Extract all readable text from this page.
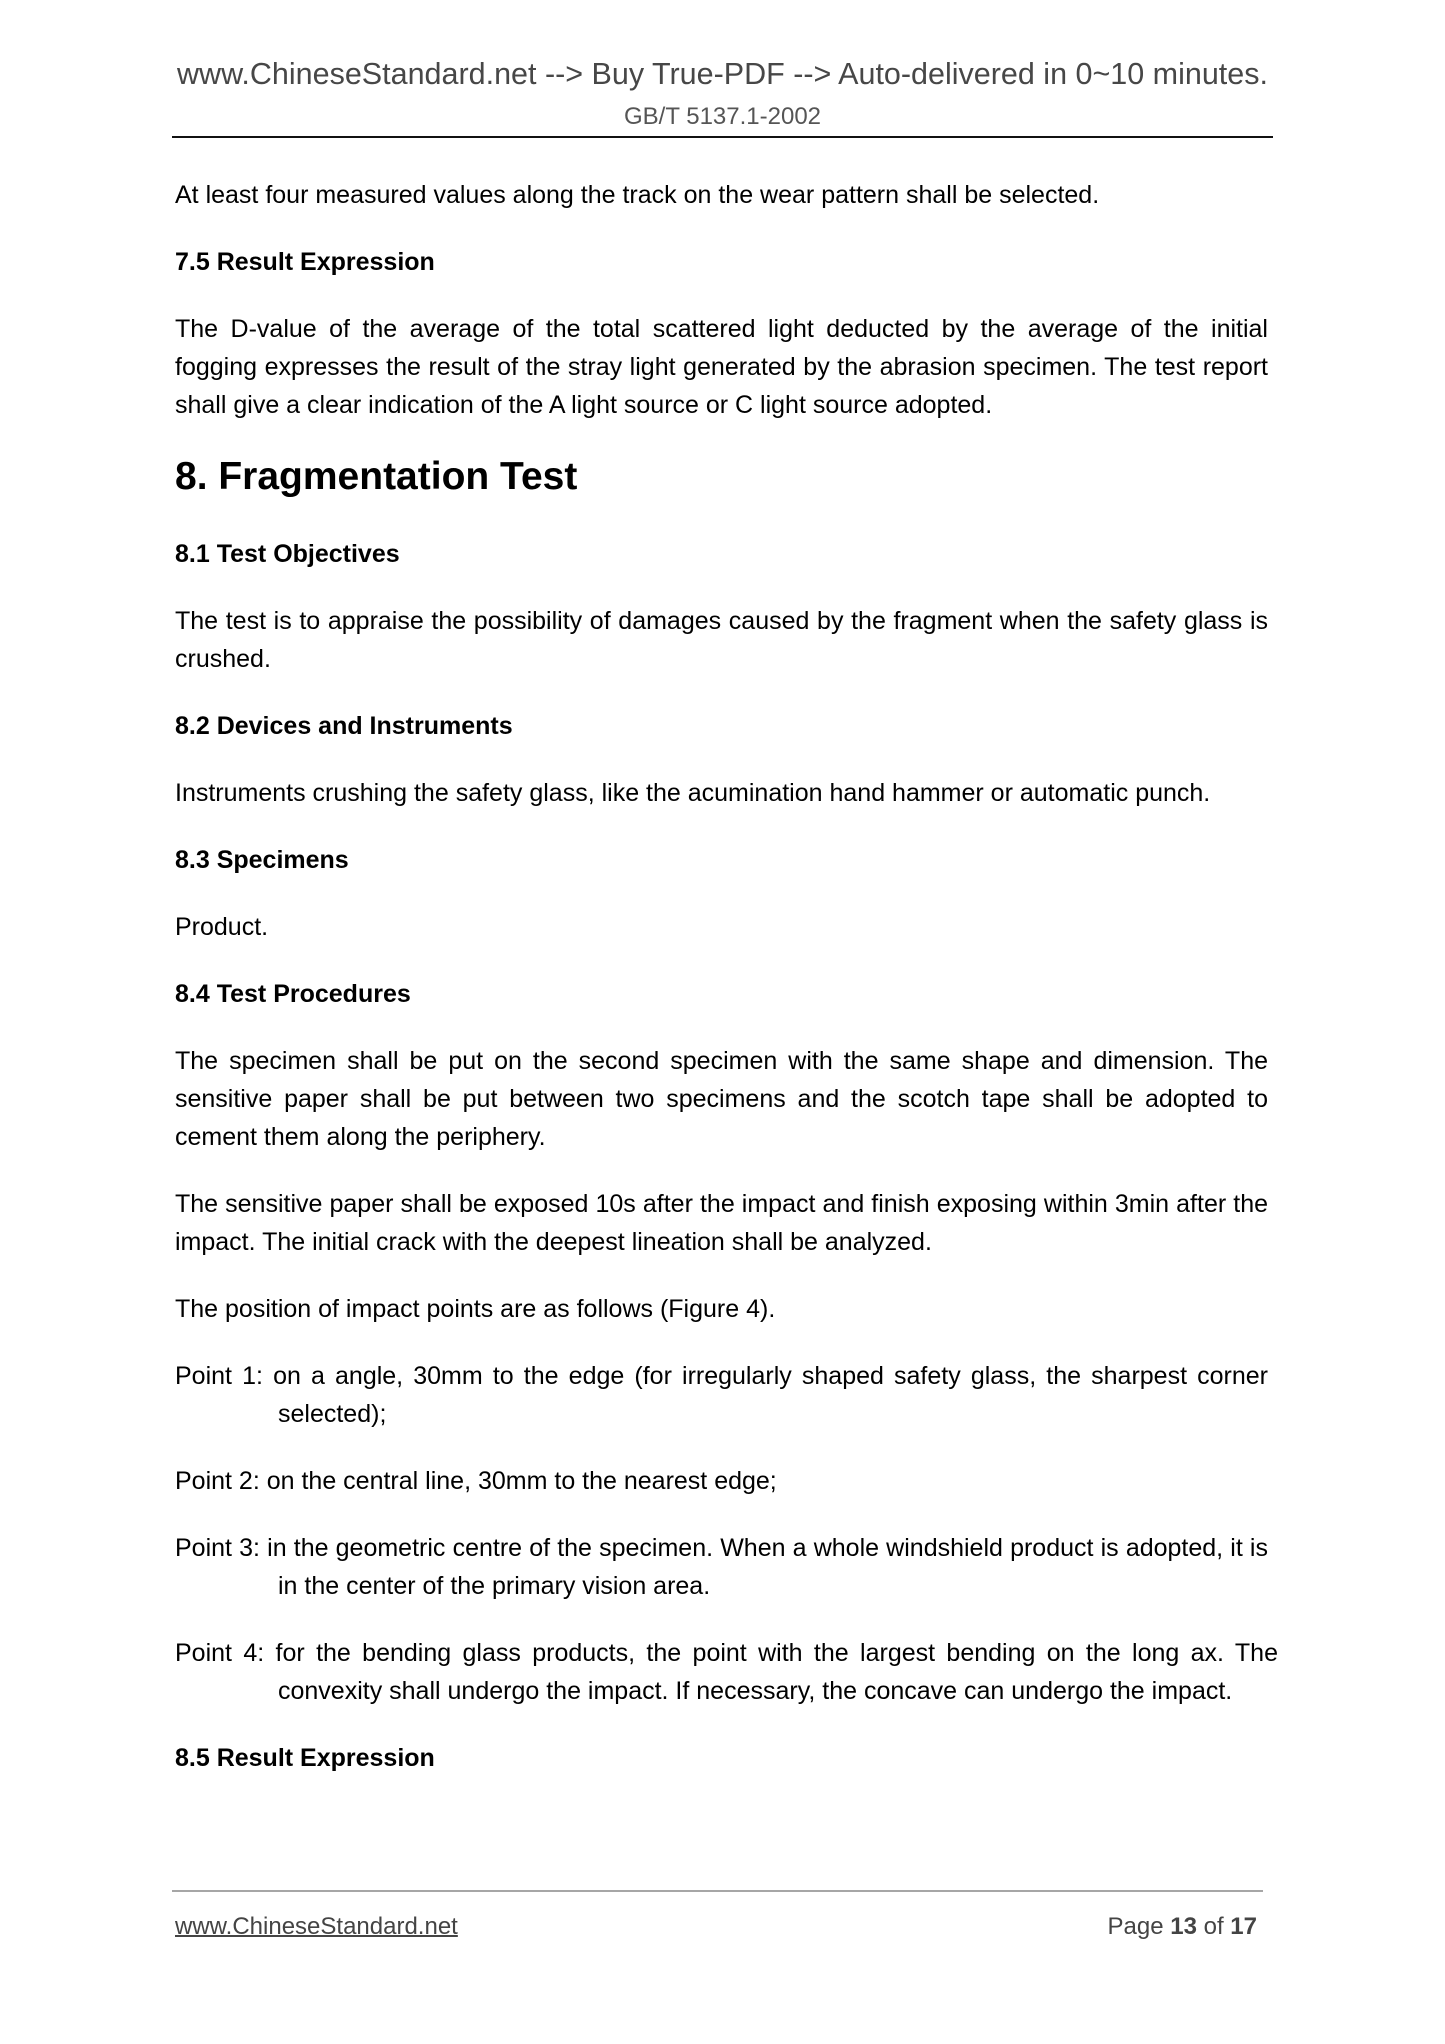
www.ChineseStandard.net --> Buy True-PDF --> Auto-delivered in 0~10 minutes.
GB/T 5137.1-2002

At least four measured values along the track on the wear pattern shall be selected.

7.5 Result Expression

The D-value of the average of the total scattered light deducted by the average of the initial fogging expresses the result of the stray light generated by the abrasion specimen. The test report shall give a clear indication of the A light source or C light source adopted.

8. Fragmentation Test
8.1 Test Objectives

The test is to appraise the possibility of damages caused by the fragment when the safety glass is crushed.

8.2 Devices and Instruments

Instruments crushing the safety glass, like the acumination hand hammer or automatic punch.

8.3 Specimens

Product.

8.4 Test Procedures

The specimen shall be put on the second specimen with the same shape and dimension. The sensitive paper shall be put between two specimens and the scotch tape shall be adopted to cement them along the periphery.

The sensitive paper shall be exposed 10s after the impact and finish exposing within 3min after the impact. The initial crack with the deepest lineation shall be analyzed.

The position of impact points are as follows (Figure 4).

Point 1: on a angle, 30mm to the edge (for irregularly shaped safety glass, the sharpest corner selected);

Point 2: on the central line, 30mm to the nearest edge;

Point 3: in the geometric centre of the specimen. When a whole windshield product is adopted, it is in the center of the primary vision area.

Point 4: for the bending glass products, the point with the largest bending on the long ax. The convexity shall undergo the impact. If necessary, the concave can undergo the impact.

8.5 Result Expression
www.ChineseStandard.net	Page 13 of 17
